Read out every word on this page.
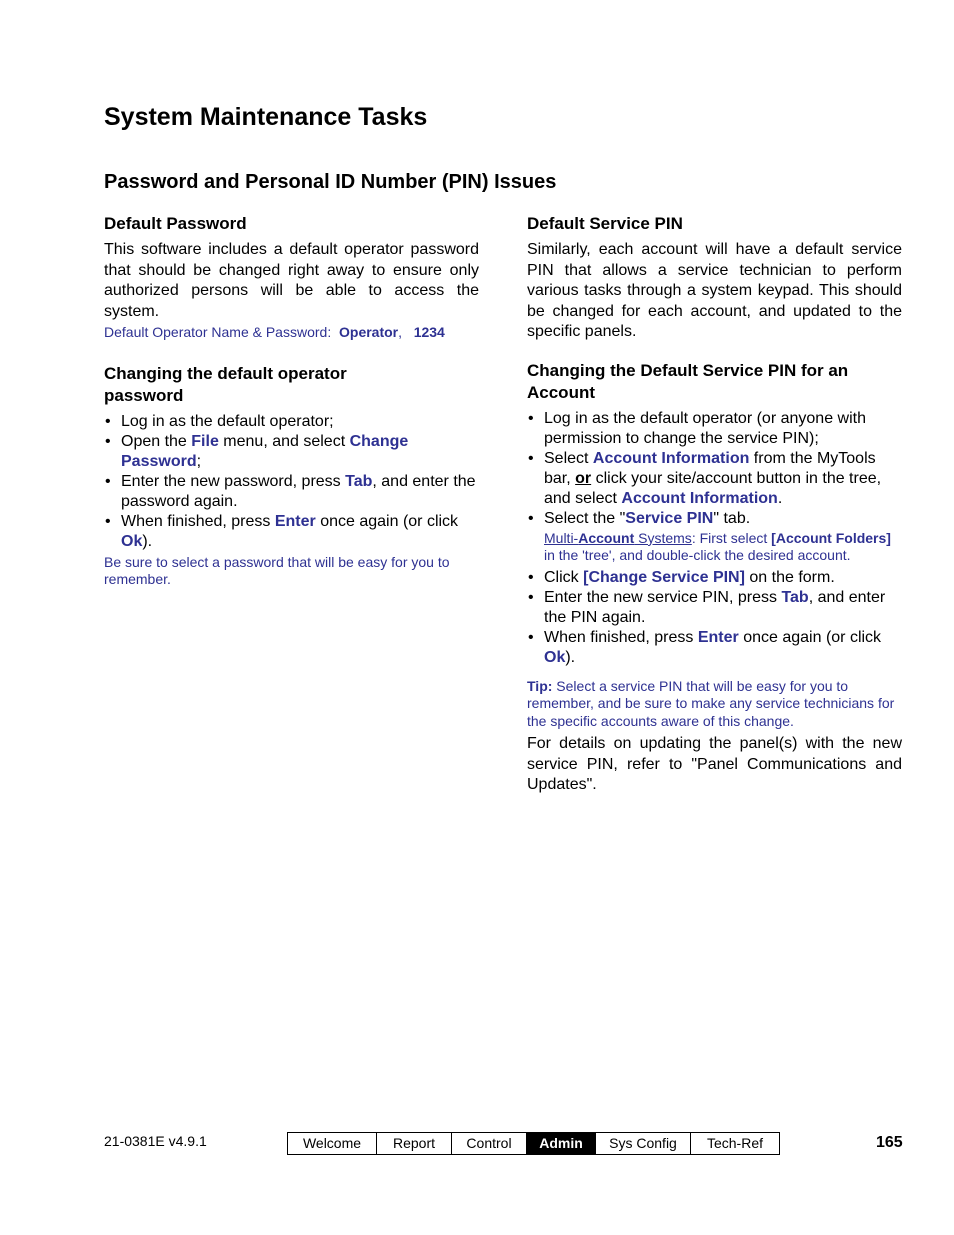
System Maintenance Tasks
Password and Personal ID Number (PIN) Issues
Default Password

This software includes a default operator password that should be changed right away to ensure only authorized persons will be able to access the system.

Default Operator Name & Password: Operator, 1234

Changing the default operator password
• Log in as the default operator;
• Open the File menu, and select Change Password;
• Enter the new password, press Tab, and enter the password again.
• When finished, press Enter once again (or click Ok).

Be sure to select a password that will be easy for you to remember.

Default Service PIN

Similarly, each account will have a default service PIN that allows a service technician to perform various tasks through a system keypad. This should be changed for each account, and updated to the specific panels.

Changing the Default Service PIN for an Account
• Log in as the default operator (or anyone with permission to change the service PIN);
• Select Account Information from the MyTools bar, or click your site/account button in the tree, and select Account Information.
• Select the "Service PIN" tab.
Multi-Account Systems: First select [Account Folders] in the 'tree', and double-click the desired account.
• Click [Change Service PIN] on the form.
• Enter the new service PIN, press Tab, and enter the PIN again.
• When finished, press Enter once again (or click Ok).

Tip: Select a service PIN that will be easy for you to remember, and be sure to make any service technicians for the specific accounts aware of this change.

For details on updating the panel(s) with the new service PIN, refer to "Panel Communications and Updates".

21-0381E v4.9.1	Welcome	Report	Control	Admin	Sys Config	Tech-Ref	165
